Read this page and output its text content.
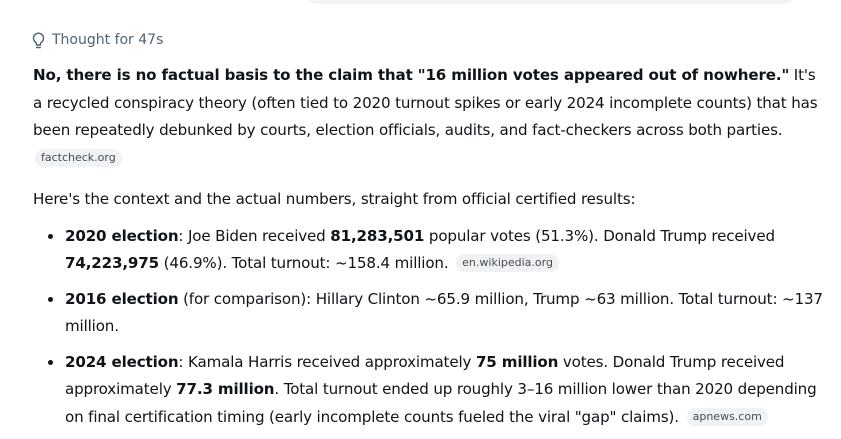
Thought for 47s

No, there is no factual basis to the claim that "16 million votes appeared out of nowhere." It's a recycled conspiracy theory (often tied to 2020 turnout spikes or early 2024 incomplete counts) that has been repeatedly debunked by courts, election officials, audits, and fact-checkers across both parties.
factcheck.org

Here's the context and the actual numbers, straight from official certified results:

2020 election: Joe Biden received 81,283,501 popular votes (51.3%). Donald Trump received 74,223,975 (46.9%). Total turnout: ~158.4 million. en.wikipedia.org
2016 election (for comparison): Hillary Clinton ~65.9 million, Trump ~63 million. Total turnout: ~137 million.
2024 election: Kamala Harris received approximately 75 million votes. Donald Trump received approximately 77.3 million. Total turnout ended up roughly 3–16 million lower than 2020 depending on final certification timing (early incomplete counts fueled the viral "gap" claims). apnews.com
